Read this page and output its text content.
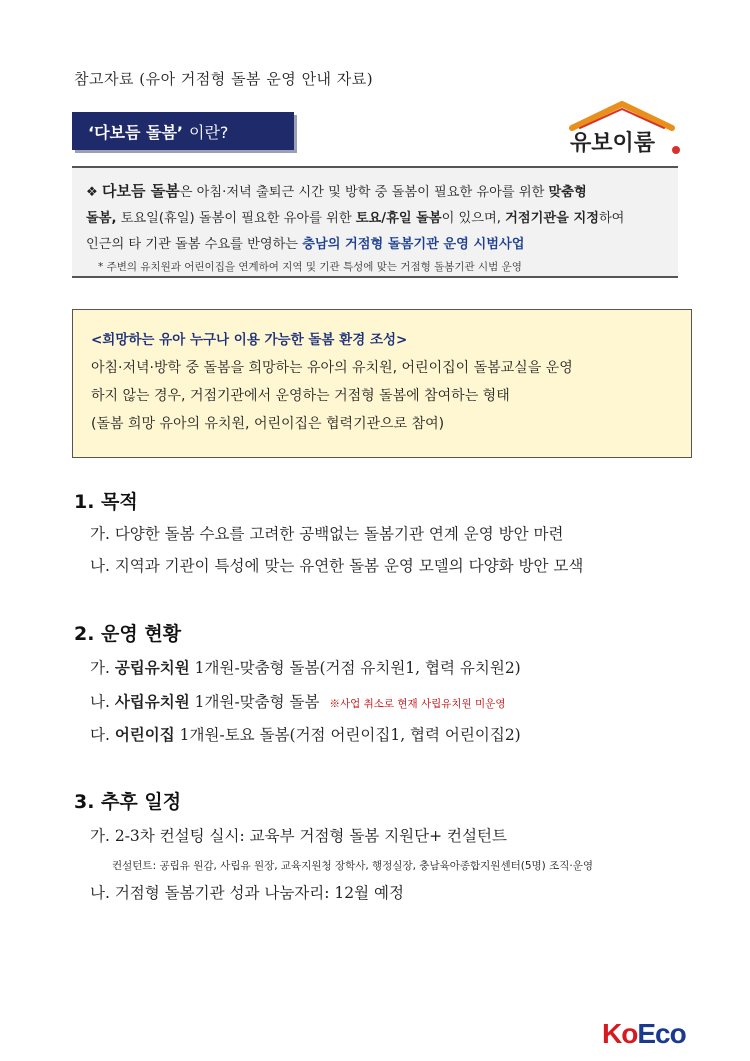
참고자료 (유아 거점형 돌봄 운영 안내 자료)
‘다보듬 돌봄’ 이란?	유보이룸
❖ 다보듬 돌봄은 아침·저녁 출퇴근 시간 및 방학 중 돌봄이 필요한 유아를 위한 맞춤형
돌봄, 토요일(휴일) 돌봄이 필요한 유아를 위한 토요/휴일 돌봄이 있으며, 거점기관을 지정하여
인근의 타 기관 돌봄 수요를 반영하는 충남의 거점형 돌봄기관 운영 시범사업
* 주변의 유치원과 어린이집을 연계하여 지역 및 기관 특성에 맞는 거점형 돌봄기관 시범 운영
<희망하는 유아 누구나 이용 가능한 돌봄 환경 조성>
아침·저녁·방학 중 돌봄을 희망하는 유아의 유치원, 어린이집이 돌봄교실을 운영
하지 않는 경우, 거점기관에서 운영하는 거점형 돌봄에 참여하는 형태
(돌봄 희망 유아의 유치원, 어린이집은 협력기관으로 참여)
1. 목적
가. 다양한 돌봄 수요를 고려한 공백없는 돌봄기관 연계 운영 방안 마련
나. 지역과 기관이 특성에 맞는 유연한 돌봄 운영 모델의 다양화 방안 모색
2. 운영 현황
가. 공립유치원 1개원-맞춤형 돌봄(거점 유치원1, 협력 유치원2)
나. 사립유치원 1개원-맞춤형 돌봄 ※사업 취소로 현재 사립유치원 미운영
다. 어린이집 1개원-토요 돌봄(거점 어린이집1, 협력 어린이집2)
3. 추후 일정
가. 2-3차 컨설팅 실시: 교육부 거점형 돌봄 지원단+ 컨설턴트
컨설턴트: 공립유 원감, 사립유 원장, 교육지원청 장학사, 행정실장, 충남육아종합지원센터(5명) 조직·운영
나. 거점형 돌봄기관 성과 나눔자리: 12월 예정
KoEco
